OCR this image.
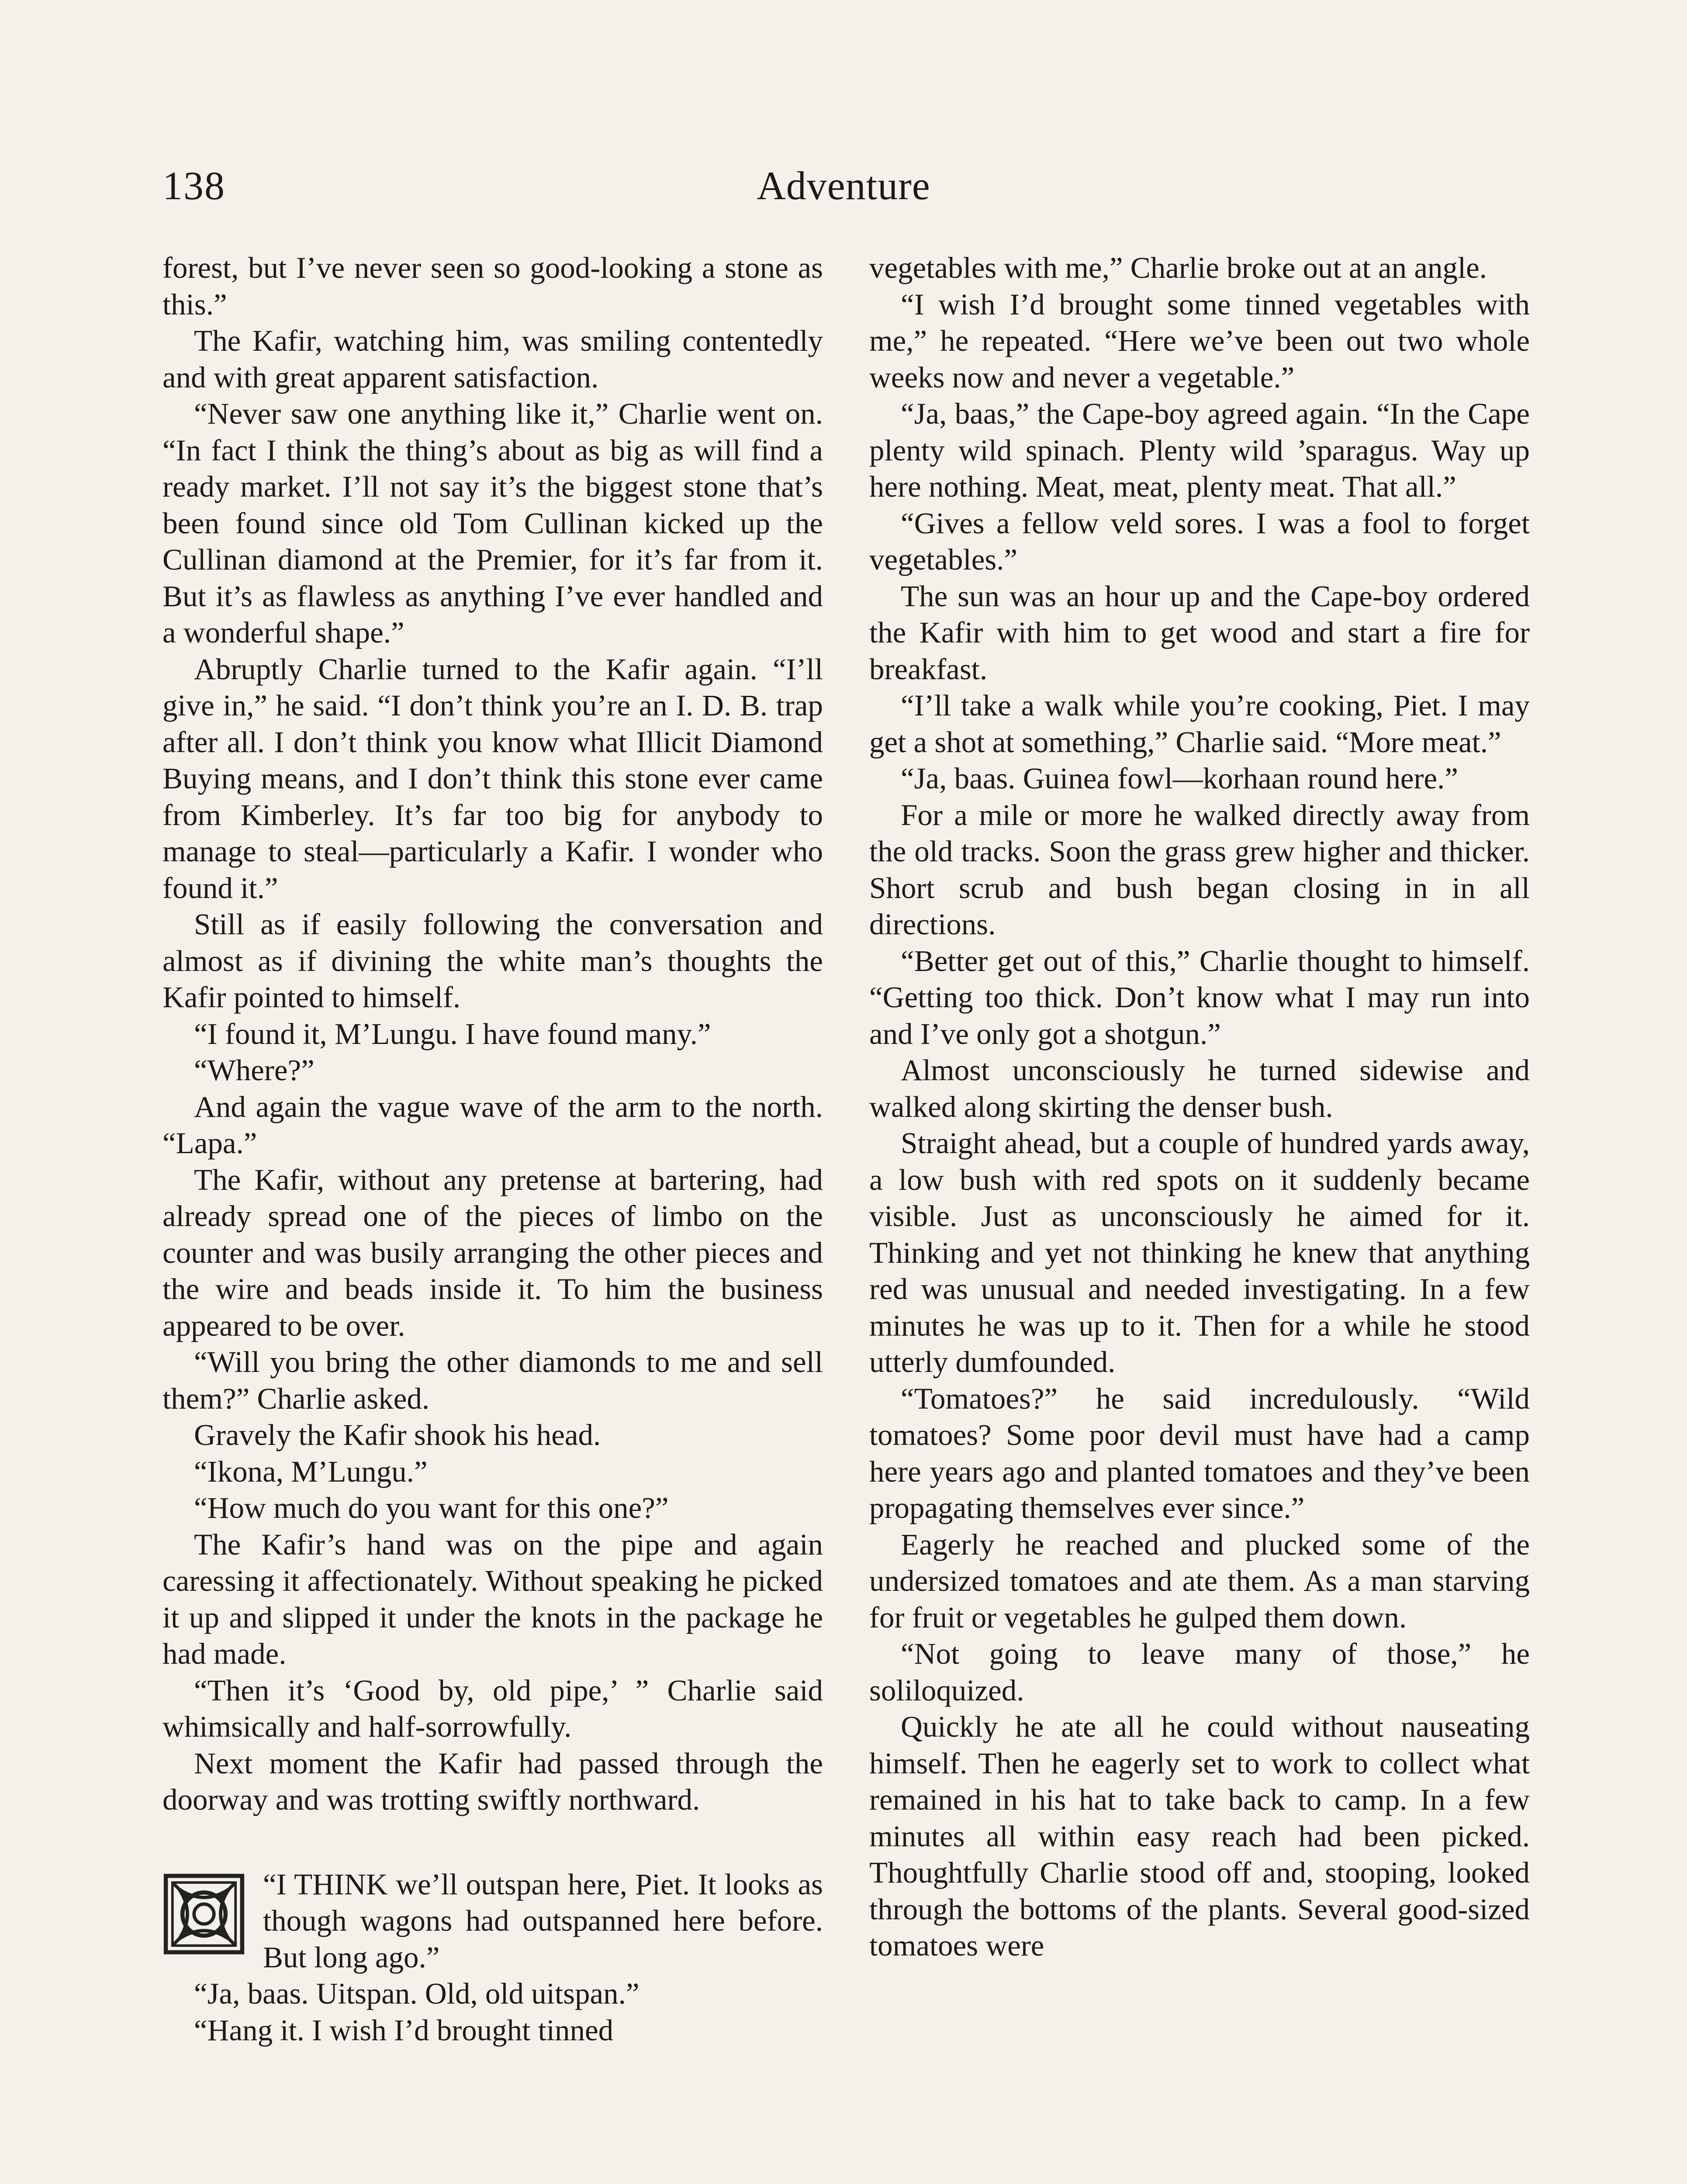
138	Adventure

forest, but I’ve never seen so good-looking a stone as this.”

The Kafir, watching him, was smiling contentedly and with great apparent satisfaction.

“Never saw one anything like it,” Charlie went on. “In fact I think the thing’s about as big as will find a ready market. I’ll not say it’s the biggest stone that’s been found since old Tom Cullinan kicked up the Cullinan diamond at the Premier, for it’s far from it. But it’s as flawless as anything I’ve ever handled and a wonderful shape.”

Abruptly Charlie turned to the Kafir again. “I’ll give in,” he said. “I don’t think you’re an I. D. B. trap after all. I don’t think you know what Illicit Diamond Buying means, and I don’t think this stone ever came from Kimberley. It’s far too big for anybody to manage to steal—particularly a Kafir. I wonder who found it.”

Still as if easily following the conversation and almost as if divining the white man’s thoughts the Kafir pointed to himself.

“I found it, M’Lungu. I have found many.”

“Where?”

And again the vague wave of the arm to the north. “Lapa.”

The Kafir, without any pretense at bartering, had already spread one of the pieces of limbo on the counter and was busily arranging the other pieces and the wire and beads inside it. To him the business appeared to be over.

“Will you bring the other diamonds to me and sell them?” Charlie asked.

Gravely the Kafir shook his head.

“Ikona, M’Lungu.”

“How much do you want for this one?”

The Kafir’s hand was on the pipe and again caressing it affectionately. Without speaking he picked it up and slipped it under the knots in the package he had made.

“Then it’s ‘Good by, old pipe,’ ” Charlie said whimsically and half-sorrowfully.

Next moment the Kafir had passed through the doorway and was trotting swiftly northward.

“I THINK we’ll outspan here, Piet. It looks as though wagons had outspanned here before. But long ago.”

“Ja, baas. Uitspan. Old, old uitspan.”

“Hang it. I wish I’d brought tinned

vegetables with me,” Charlie broke out at an angle.

“I wish I’d brought some tinned vegetables with me,” he repeated. “Here we’ve been out two whole weeks now and never a vegetable.”

“Ja, baas,” the Cape-boy agreed again. “In the Cape plenty wild spinach. Plenty wild ’sparagus. Way up here nothing. Meat, meat, plenty meat. That all.”

“Gives a fellow veld sores. I was a fool to forget vegetables.”

The sun was an hour up and the Cape-boy ordered the Kafir with him to get wood and start a fire for breakfast.

“I’ll take a walk while you’re cooking, Piet. I may get a shot at something,” Charlie said. “More meat.”

“Ja, baas. Guinea fowl—korhaan round here.”

For a mile or more he walked directly away from the old tracks. Soon the grass grew higher and thicker. Short scrub and bush began closing in in all directions.

“Better get out of this,” Charlie thought to himself. “Getting too thick. Don’t know what I may run into and I’ve only got a shotgun.”

Almost unconsciously he turned sidewise and walked along skirting the denser bush.

Straight ahead, but a couple of hundred yards away, a low bush with red spots on it suddenly became visible. Just as unconsciously he aimed for it. Thinking and yet not thinking he knew that anything red was unusual and needed investigating. In a few minutes he was up to it. Then for a while he stood utterly dumfounded.

“Tomatoes?” he said incredulously. “Wild tomatoes? Some poor devil must have had a camp here years ago and planted tomatoes and they’ve been propagating themselves ever since.”

Eagerly he reached and plucked some of the undersized tomatoes and ate them. As a man starving for fruit or vegetables he gulped them down.

“Not going to leave many of those,” he soliloquized.

Quickly he ate all he could without nauseating himself. Then he eagerly set to work to collect what remained in his hat to take back to camp. In a few minutes all within easy reach had been picked. Thoughtfully Charlie stood off and, stooping, looked through the bottoms of the plants. Several good-sized tomatoes were
